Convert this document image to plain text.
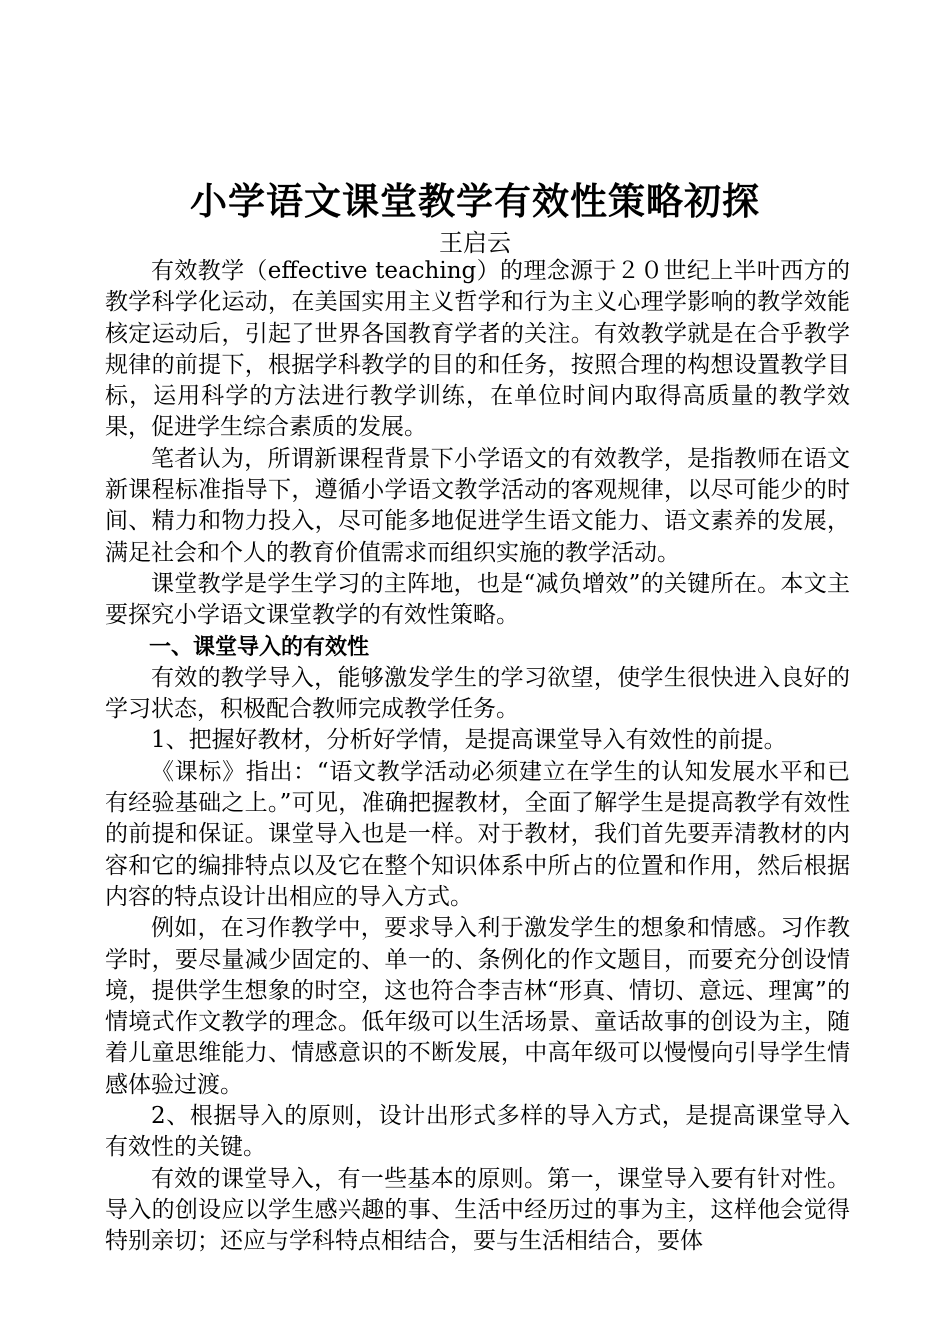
小学语文课堂教学有效性策略初探
王启云

有效教学（effective teaching）的理念源于２０世纪上半叶西方的教学科学化运动，在美国实用主义哲学和行为主义心理学影响的教学效能核定运动后，引起了世界各国教育学者的关注。有效教学就是在合乎教学规律的前提下，根据学科教学的目的和任务，按照合理的构想设置教学目标，运用科学的方法进行教学训练，在单位时间内取得高质量的教学效果，促进学生综合素质的发展。

笔者认为，所谓新课程背景下小学语文的有效教学，是指教师在语文新课程标准指导下，遵循小学语文教学活动的客观规律，以尽可能少的时间、精力和物力投入，尽可能多地促进学生语文能力、语文素养的发展，满足社会和个人的教育价值需求而组织实施的教学活动。

课堂教学是学生学习的主阵地，也是“减负增效”的关键所在。本文主要探究小学语文课堂教学的有效性策略。

一、课堂导入的有效性

有效的教学导入，能够激发学生的学习欲望，使学生很快进入良好的学习状态，积极配合教师完成教学任务。

1、把握好教材，分析好学情，是提高课堂导入有效性的前提。

《课标》指出：“语文教学活动必须建立在学生的认知发展水平和已有经验基础之上。”可见，准确把握教材，全面了解学生是提高教学有效性的前提和保证。课堂导入也是一样。对于教材，我们首先要弄清教材的内容和它的编排特点以及它在整个知识体系中所占的位置和作用，然后根据内容的特点设计出相应的导入方式。

例如，在习作教学中，要求导入利于激发学生的想象和情感。习作教学时，要尽量减少固定的、单一的、条例化的作文题目，而要充分创设情境，提供学生想象的时空，这也符合李吉林“形真、情切、意远、理寓”的情境式作文教学的理念。低年级可以生活场景、童话故事的创设为主，随着儿童思维能力、情感意识的不断发展，中高年级可以慢慢向引导学生情感体验过渡。

2、根据导入的原则，设计出形式多样的导入方式，是提高课堂导入有效性的关键。

有效的课堂导入，有一些基本的原则。第一，课堂导入要有针对性。导入的创设应以学生感兴趣的事、生活中经历过的事为主，这样他会觉得特别亲切；还应与学科特点相结合，要与生活相结合，要体
